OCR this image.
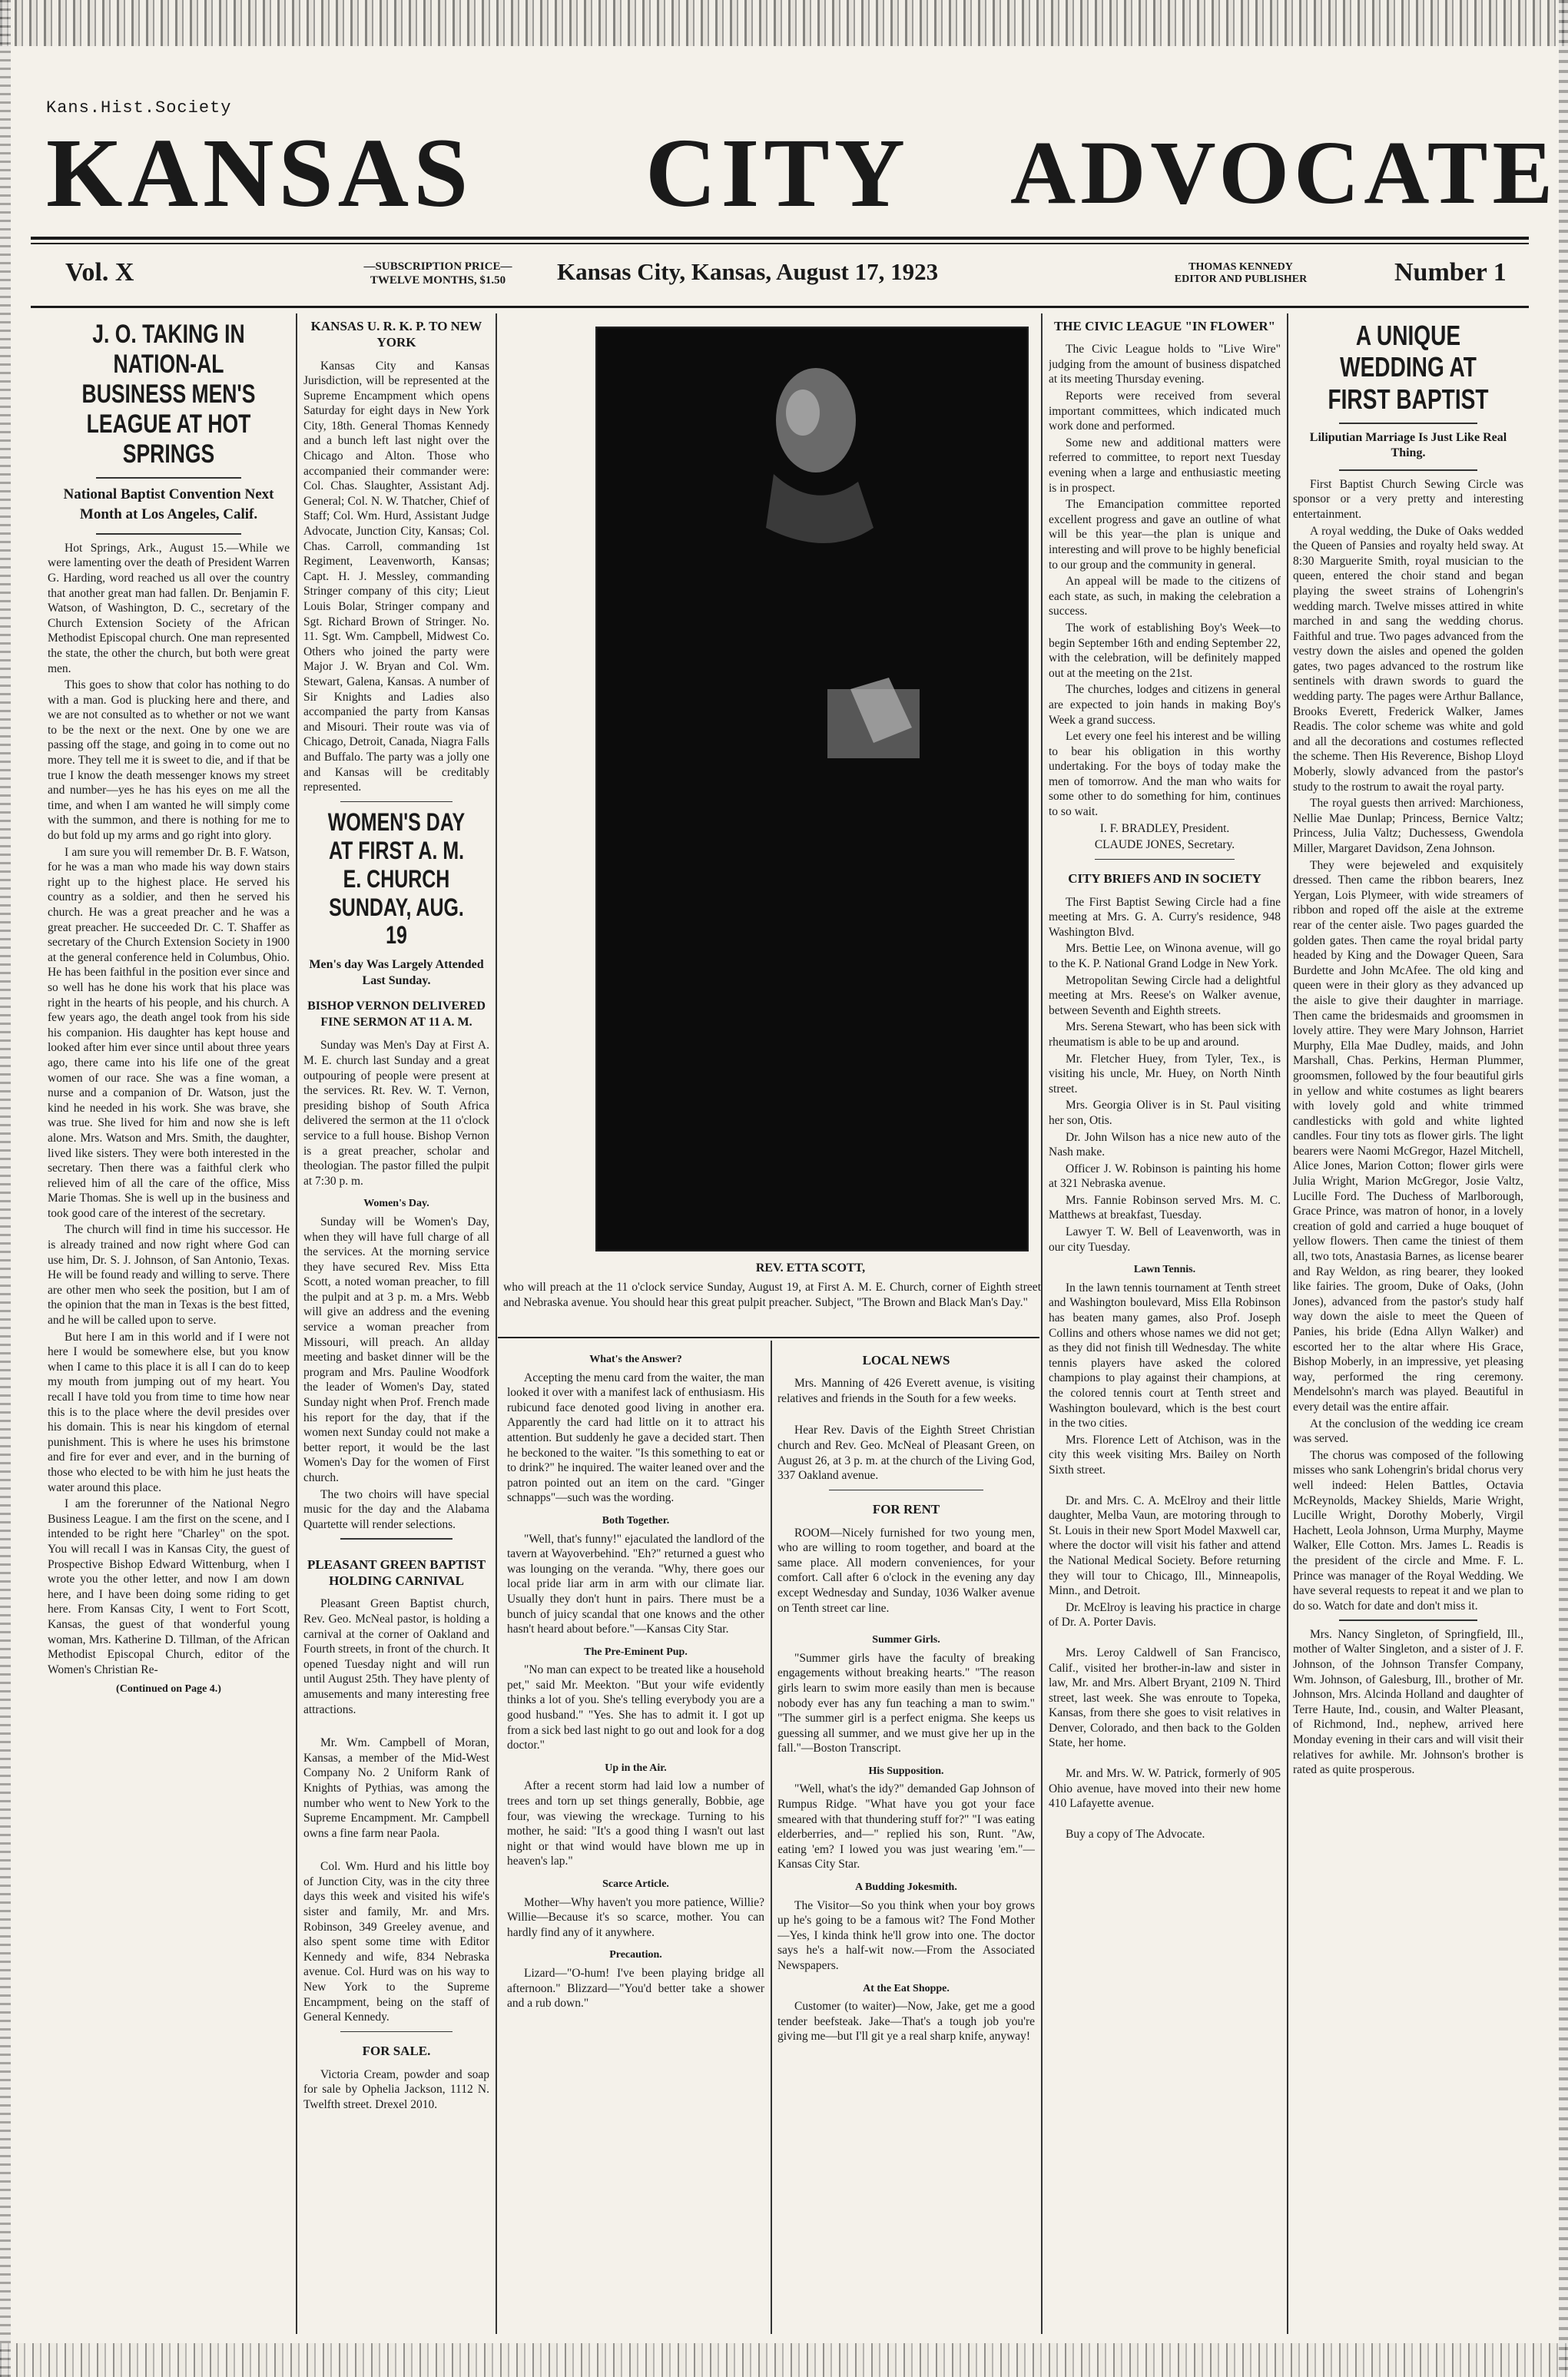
Kans.Hist.Society
KANSAS CITY ADVOCATE
Vol. X	—SUBSCRIPTION PRICE—
TWELVE MONTHS, $1.50	Kansas City, Kansas, August 17, 1923	THOMAS KENNEDY
EDITOR AND PUBLISHER	Number 1
J. O. TAKING IN NATION-AL BUSINESS MEN'S LEAGUE AT HOT SPRINGS
National Baptist Convention Next Month at Los Angeles, Calif.

Hot Springs, Ark., August 15.—While we were lamenting over the death of President Warren G. Harding, word reached us all over the country that another great man had fallen. Dr. Benjamin F. Watson, of Washington, D. C., secretary of the Church Extension Society of the African Methodist Episcopal church. One man represented the state, the other the church, but both were great men.

This goes to show that color has nothing to do with a man. God is plucking here and there, and we are not consulted as to whether or not we want to be the next or the next. One by one we are passing off the stage, and going in to come out no more. They tell me it is sweet to die, and if that be true I know the death messenger knows my street and number—yes he has his eyes on me all the time, and when I am wanted he will simply come with the summon, and there is nothing for me to do but fold up my arms and go right into glory.

I am sure you will remember Dr. B. F. Watson, for he was a man who made his way down stairs right up to the highest place. He served his country as a soldier, and then he served his church. He was a great preacher and he was a great preacher. He succeeded Dr. C. T. Shaffer as secretary of the Church Extension Society in 1900 at the general conference held in Columbus, Ohio. He has been faithful in the position ever since and so well has he done his work that his place was right in the hearts of his people, and his church. A few years ago, the death angel took from his side his companion. His daughter has kept house and looked after him ever since until about three years ago, there came into his life one of the great women of our race. She was a fine woman, a nurse and a companion of Dr. Watson, just the kind he needed in his work. She was brave, she was true. She lived for him and now she is left alone. Mrs. Watson and Mrs. Smith, the daughter, lived like sisters. They were both interested in the secretary. Then there was a faithful clerk who relieved him of all the care of the office, Miss Marie Thomas. She is well up in the business and took good care of the interest of the secretary.

The church will find in time his successor. He is already trained and now right where God can use him, Dr. S. J. Johnson, of San Antonio, Texas. He will be found ready and willing to serve. There are other men who seek the position, but I am of the opinion that the man in Texas is the best fitted, and he will be called upon to serve.

But here I am in this world and if I were not here I would be somewhere else, but you know when I came to this place it is all I can do to keep my mouth from jumping out of my heart. You recall I have told you from time to time how near this is to the place where the devil presides over his domain. This is near his kingdom of eternal punishment. This is where he uses his brimstone and fire for ever and ever, and in the burning of those who elected to be with him he just heats the water around this place.

I am the forerunner of the National Negro Business League. I am the first on the scene, and I intended to be right here "Charley" on the spot. You will recall I was in Kansas City, the guest of Prospective Bishop Edward Wittenburg, when I wrote you the other letter, and now I am down here, and I have been doing some riding to get here. From Kansas City, I went to Fort Scott, Kansas, the guest of that wonderful young woman, Mrs. Katherine D. Tillman, of the African Methodist Episcopal Church, editor of the Women's Christian Re-

(Continued on Page 4.)
KANSAS U. R. K. P. TO NEW YORK

Kansas City and Kansas Jurisdiction, will be represented at the Supreme Encampment which opens Saturday for eight days in New York City, 18th. General Thomas Kennedy and a bunch left last night over the Chicago and Alton. Those who accompanied their commander were: Col. Chas. Slaughter, Assistant Adj. General; Col. N. W. Thatcher, Chief of Staff; Col. Wm. Hurd, Assistant Judge Advocate, Junction City, Kansas; Col. Chas. Carroll, commanding 1st Regiment, Leavenworth, Kansas; Capt. H. J. Messley, commanding Stringer company of this city; Lieut Louis Bolar, Stringer company and Sgt. Richard Brown of Stringer. No. 11. Sgt. Wm. Campbell, Midwest Co. Others who joined the party were Major J. W. Bryan and Col. Wm. Stewart, Galena, Kansas. A number of Sir Knights and Ladies also accompanied the party from Kansas and Misouri. Their route was via of Chicago, Detroit, Canada, Niagra Falls and Buffalo. The party was a jolly one and Kansas will be creditably represented.

WOMEN'S DAY AT FIRST A. M. E. CHURCH SUNDAY, AUG. 19
Men's day Was Largely Attended Last Sunday.
BISHOP VERNON DELIVERED FINE SERMON AT 11 A. M.

Sunday was Men's Day at First A. M. E. church last Sunday and a great outpouring of people were present at the services. Rt. Rev. W. T. Vernon, presiding bishop of South Africa delivered the sermon at the 11 o'clock service to a full house. Bishop Vernon is a great preacher, scholar and theologian. The pastor filled the pulpit at 7:30 p. m.

Women's Day.

Sunday will be Women's Day, when they will have full charge of all the services. At the morning service they have secured Rev. Miss Etta Scott, a noted woman preacher, to fill the pulpit and at 3 p. m. a Mrs. Webb will give an address and the evening service a woman preacher from Missouri, will preach. An allday meeting and basket dinner will be the program and Mrs. Pauline Woodfork the leader of Women's Day, stated Sunday night when Prof. French made his report for the day, that if the women next Sunday could not make a better report, it would be the last Women's Day for the women of First church.

The two choirs will have special music for the day and the Alabama Quartette will render selections.

PLEASANT GREEN BAPTIST HOLDING CARNIVAL

Pleasant Green Baptist church, Rev. Geo. McNeal pastor, is holding a carnival at the corner of Oakland and Fourth streets, in front of the church. It opened Tuesday night and will run until August 25th. They have plenty of amusements and many interesting free attractions.

Mr. Wm. Campbell of Moran, Kansas, a member of the Mid-West Company No. 2 Uniform Rank of Knights of Pythias, was among the number who went to New York to the Supreme Encampment. Mr. Campbell owns a fine farm near Paola.

Col. Wm. Hurd and his little boy of Junction City, was in the city three days this week and visited his wife's sister and family, Mr. and Mrs. Robinson, 349 Greeley avenue, and also spent some time with Editor Kennedy and wife, 834 Nebraska avenue. Col. Hurd was on his way to New York to the Supreme Encampment, being on the staff of General Kennedy.

FOR SALE.

Victoria Cream, powder and soap for sale by Ophelia Jackson, 1112 N. Twelfth street. Drexel 2010.

REV. ETTA SCOTT,
who will preach at the 11 o'clock service Sunday, August 19, at First A. M. E. Church, corner of Eighth street and Nebraska avenue. You should hear this great pulpit preacher. Subject, "The Brown and Black Man's Day."
What's the Answer?

Accepting the menu card from the waiter, the man looked it over with a manifest lack of enthusiasm. His rubicund face denoted good living in another era. Apparently the card had little on it to attract his attention. But suddenly he gave a decided start. Then he beckoned to the waiter. "Is this something to eat or to drink?" he inquired. The waiter leaned over and the patron pointed out an item on the card. "Ginger schnapps"—such was the wording.

Both Together.

"Well, that's funny!" ejaculated the landlord of the tavern at Wayoverbehind. "Eh?" returned a guest who was lounging on the veranda. "Why, there goes our local pride liar arm in arm with our climate liar. Usually they don't hunt in pairs. There must be a bunch of juicy scandal that one knows and the other hasn't heard about before."—Kansas City Star.

The Pre-Eminent Pup.

"No man can expect to be treated like a household pet," said Mr. Meekton. "But your wife evidently thinks a lot of you. She's telling everybody you are a good husband." "Yes. She has to admit it. I got up from a sick bed last night to go out and look for a dog doctor."

Up in the Air.

After a recent storm had laid low a number of trees and torn up set things generally, Bobbie, age four, was viewing the wreckage. Turning to his mother, he said: "It's a good thing I wasn't out last night or that wind would have blown me up in heaven's lap."

Scarce Article.

Mother—Why haven't you more patience, Willie? Willie—Because it's so scarce, mother. You can hardly find any of it anywhere.

Precaution.

Lizard—"O-hum! I've been playing bridge all afternoon." Blizzard—"You'd better take a shower and a rub down."

LOCAL NEWS

Mrs. Manning of 426 Everett avenue, is visiting relatives and friends in the South for a few weeks.

Hear Rev. Davis of the Eighth Street Christian church and Rev. Geo. McNeal of Pleasant Green, on August 26, at 3 p. m. at the church of the Living God, 337 Oakland avenue.

FOR RENT

ROOM—Nicely furnished for two young men, who are willing to room together, and board at the same place. All modern conveniences, for your comfort. Call after 6 o'clock in the evening any day except Wednesday and Sunday, 1036 Walker avenue on Tenth street car line.

Summer Girls.

"Summer girls have the faculty of breaking engagements without breaking hearts." "The reason girls learn to swim more easily than men is because nobody ever has any fun teaching a man to swim." "The summer girl is a perfect enigma. She keeps us guessing all summer, and we must give her up in the fall."—Boston Transcript.

His Supposition.

"Well, what's the idy?" demanded Gap Johnson of Rumpus Ridge. "What have you got your face smeared with that thundering stuff for?" "I was eating elderberries, and—" replied his son, Runt. "Aw, eating 'em? I lowed you was just wearing 'em."—Kansas City Star.

A Budding Jokesmith.

The Visitor—So you think when your boy grows up he's going to be a famous wit? The Fond Mother—Yes, I kinda think he'll grow into one. The doctor says he's a half-wit now.—From the Associated Newspapers.

At the Eat Shoppe.

Customer (to waiter)—Now, Jake, get me a good tender beefsteak. Jake—That's a tough job you're giving me—but I'll git ye a real sharp knife, anyway!

THE CIVIC LEAGUE "IN FLOWER"

The Civic League holds to "Live Wire" judging from the amount of business dispatched at its meeting Thursday evening.

Reports were received from several important committees, which indicated much work done and performed.

Some new and additional matters were referred to committee, to report next Tuesday evening when a large and enthusiastic meeting is in prospect.

The Emancipation committee reported excellent progress and gave an outline of what will be this year—the plan is unique and interesting and will prove to be highly beneficial to our group and the community in general.

An appeal will be made to the citizens of each state, as such, in making the celebration a success.

The work of establishing Boy's Week—to begin September 16th and ending September 22, with the celebration, will be definitely mapped out at the meeting on the 21st.

The churches, lodges and citizens in general are expected to join hands in making Boy's Week a grand success.

Let every one feel his interest and be willing to bear his obligation in this worthy undertaking. For the boys of today make the men of tomorrow. And the man who waits for some other to do something for him, continues to so wait.

I. F. BRADLEY, President.
CLAUDE JONES, Secretary.
CITY BRIEFS AND IN SOCIETY

The First Baptist Sewing Circle had a fine meeting at Mrs. G. A. Curry's residence, 948 Washington Blvd.

Mrs. Bettie Lee, on Winona avenue, will go to the K. P. National Grand Lodge in New York.

Metropolitan Sewing Circle had a delightful meeting at Mrs. Reese's on Walker avenue, between Seventh and Eighth streets.

Mrs. Serena Stewart, who has been sick with rheumatism is able to be up and around.

Mr. Fletcher Huey, from Tyler, Tex., is visiting his uncle, Mr. Huey, on North Ninth street.

Mrs. Georgia Oliver is in St. Paul visiting her son, Otis.

Dr. John Wilson has a nice new auto of the Nash make.

Officer J. W. Robinson is painting his home at 321 Nebraska avenue.

Mrs. Fannie Robinson served Mrs. M. C. Matthews at breakfast, Tuesday.

Lawyer T. W. Bell of Leavenworth, was in our city Tuesday.

Lawn Tennis.

In the lawn tennis tournament at Tenth street and Washington boulevard, Miss Ella Robinson has beaten many games, also Prof. Joseph Collins and others whose names we did not get; as they did not finish till Wednesday. The white tennis players have asked the colored champions to play against their champions, at the colored tennis court at Tenth street and Washington boulevard, which is the best court in the two cities.

Mrs. Florence Lett of Atchison, was in the city this week visiting Mrs. Bailey on North Sixth street.

Dr. and Mrs. C. A. McElroy and their little daughter, Melba Vaun, are motoring through to St. Louis in their new Sport Model Maxwell car, where the doctor will visit his father and attend the National Medical Society. Before returning they will tour to Chicago, Ill., Minneapolis, Minn., and Detroit.

Dr. McElroy is leaving his practice in charge of Dr. A. Porter Davis.

Mrs. Leroy Caldwell of San Francisco, Calif., visited her brother-in-law and sister in law, Mr. and Mrs. Albert Bryant, 2109 N. Third street, last week. She was enroute to Topeka, Kansas, from there she goes to visit relatives in Denver, Colorado, and then back to the Golden State, her home.

Mr. and Mrs. W. W. Patrick, formerly of 905 Ohio avenue, have moved into their new home 410 Lafayette avenue.

Buy a copy of The Advocate.

A UNIQUE WEDDING AT FIRST BAPTIST
Liliputian Marriage Is Just Like Real Thing.

First Baptist Church Sewing Circle was sponsor or a very pretty and interesting entertainment.

A royal wedding, the Duke of Oaks wedded the Queen of Pansies and royalty held sway. At 8:30 Marguerite Smith, royal musician to the queen, entered the choir stand and began playing the sweet strains of Lohengrin's wedding march. Twelve misses attired in white marched in and sang the wedding chorus. Faithful and true. Two pages advanced from the vestry down the aisles and opened the golden gates, two pages advanced to the rostrum like sentinels with drawn swords to guard the wedding party. The pages were Arthur Ballance, Brooks Everett, Frederick Walker, James Readis. The color scheme was white and gold and all the decorations and costumes reflected the scheme. Then His Reverence, Bishop Lloyd Moberly, slowly advanced from the pastor's study to the rostrum to await the royal party.

The royal guests then arrived: Marchioness, Nellie Mae Dunlap; Princess, Bernice Valtz; Princess, Julia Valtz; Duchessess, Gwendola Miller, Margaret Davidson, Zena Johnson.

They were bejeweled and exquisitely dressed. Then came the ribbon bearers, Inez Yergan, Lois Plymeer, with wide streamers of ribbon and roped off the aisle at the extreme rear of the center aisle. Two pages guarded the golden gates. Then came the royal bridal party headed by King and the Dowager Queen, Sara Burdette and John McAfee. The old king and queen were in their glory as they advanced up the aisle to give their daughter in marriage. Then came the bridesmaids and groomsmen in lovely attire. They were Mary Johnson, Harriet Murphy, Ella Mae Dudley, maids, and John Marshall, Chas. Perkins, Herman Plummer, groomsmen, followed by the four beautiful girls in yellow and white costumes as light bearers with lovely gold and white trimmed candlesticks with gold and white lighted candles. Four tiny tots as flower girls. The light bearers were Naomi McGregor, Hazel Mitchell, Alice Jones, Marion Cotton; flower girls were Julia Wright, Marion McGregor, Josie Valtz, Lucille Ford. The Duchess of Marlborough, Grace Prince, was matron of honor, in a lovely creation of gold and carried a huge bouquet of yellow flowers. Then came the tiniest of them all, two tots, Anastasia Barnes, as license bearer and Ray Weldon, as ring bearer, they looked like fairies. The groom, Duke of Oaks, (John Jones), advanced from the pastor's study half way down the aisle to meet the Queen of Panies, his bride (Edna Allyn Walker) and escorted her to the altar where His Grace, Bishop Moberly, in an impressive, yet pleasing way, performed the ring ceremony. Mendelsohn's march was played. Beautiful in every detail was the entire affair.

At the conclusion of the wedding ice cream was served.

The chorus was composed of the following misses who sank Lohengrin's bridal chorus very well indeed: Helen Battles, Octavia McReynolds, Mackey Shields, Marie Wright, Lucille Wright, Dorothy Moberly, Virgil Hachett, Leola Johnson, Urma Murphy, Mayme Walker, Elle Cotton. Mrs. James L. Readis is the president of the circle and Mme. F. L. Prince was manager of the Royal Wedding. We have several requests to repeat it and we plan to do so. Watch for date and don't miss it.

Mrs. Nancy Singleton, of Springfield, Ill., mother of Walter Singleton, and a sister of J. F. Johnson, of the Johnson Transfer Company, Wm. Johnson, of Galesburg, Ill., brother of Mr. Johnson, Mrs. Alcinda Holland and daughter of Terre Haute, Ind., cousin, and Walter Pleasant, of Richmond, Ind., nephew, arrived here Monday evening in their cars and will visit their relatives for awhile. Mr. Johnson's brother is rated as quite prosperous.
